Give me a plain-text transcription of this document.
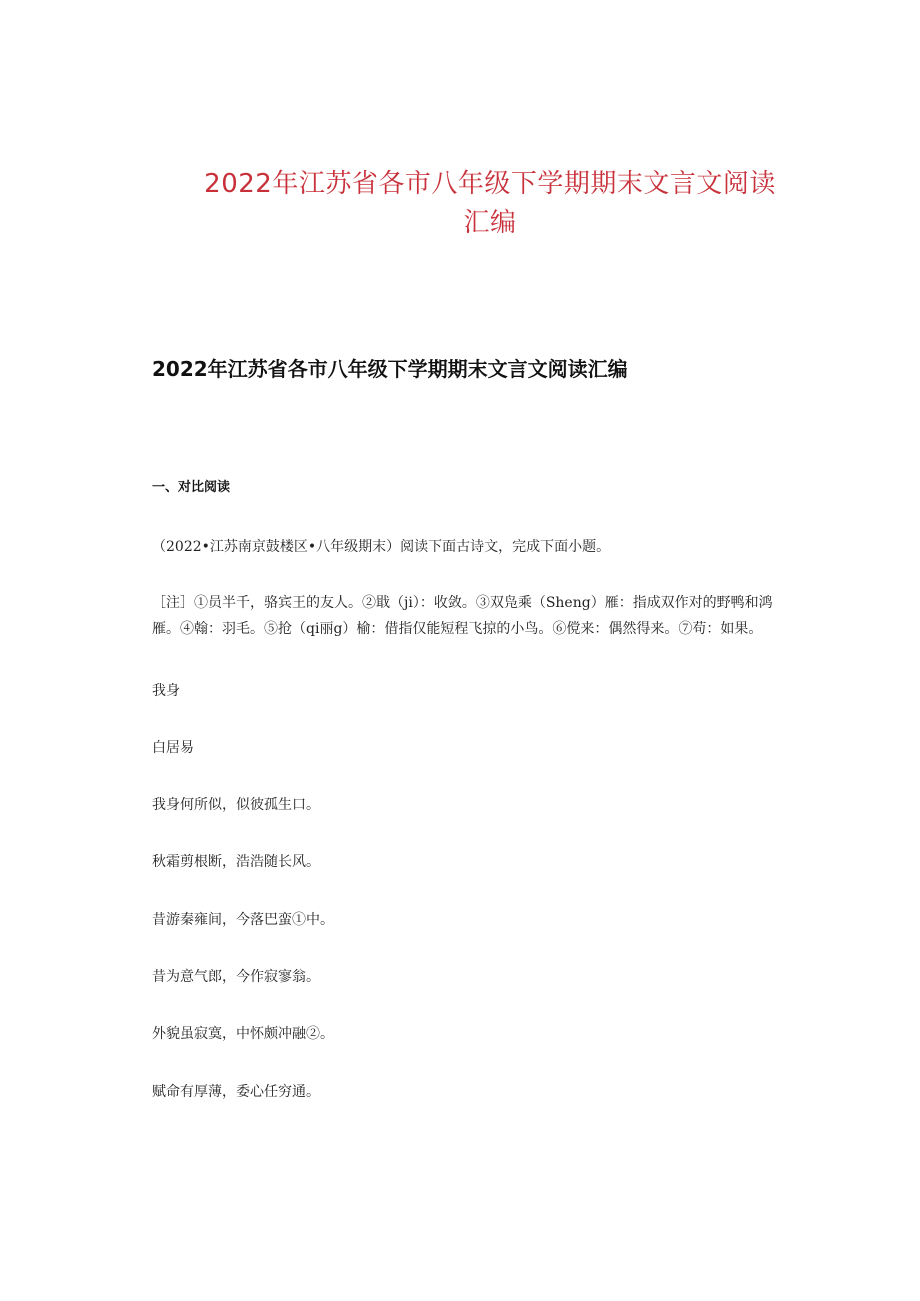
2022年江苏省各市八年级下学期期末文言文阅读

汇编

2022年江苏省各市八年级下学期期末文言文阅读汇编
一、对比阅读

（2022•江苏南京鼓楼区•八年级期末）阅读下面古诗文，完成下面小题。

［注］①员半千，骆宾王的友人。②戢（ji）：收敛。③双凫乘（Sheng）雁：指成双作对的野鸭和鸿雁。④翰：羽毛。⑤抢（qi丽g）榆：借指仅能短程飞掠的小鸟。⑥傥来：偶然得来。⑦苟：如果。

我身

白居易

我身何所似，似彼孤生口。

秋霜剪根断，浩浩随长风。

昔游秦雍间，今落巴蛮①中。

昔为意气郎，今作寂寥翁。

外貌虽寂寞，中怀颇冲融②。

赋命有厚薄，委心任穷通。
